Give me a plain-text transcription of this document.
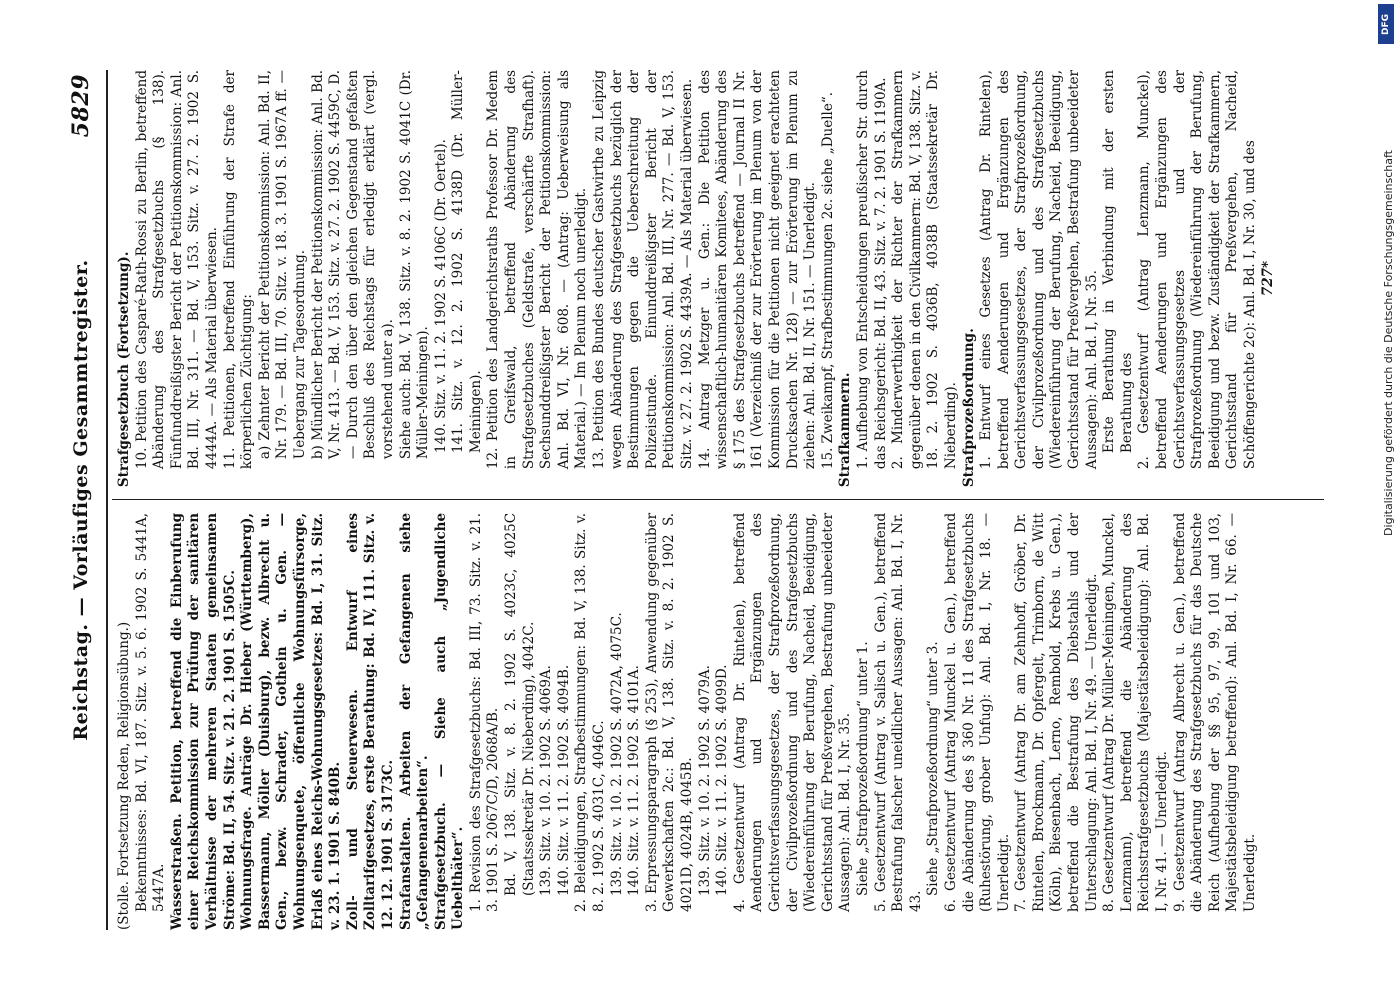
Reichstag. — Vorläufiges Gesammtregister.
5829

(Stolle. Fortsetzung Reden, Religionsübung.) Bekenntnisses: Bd. VI, 187. Sitz. v. 5. 6. 1902 S. 5441A, 5447A. Wasserstraßen. Petition, betreffend die Einberufung einer Reichskommission zur Prüfung der sanitären Verhältnisse der mehreren Staaten gemeinsamen Ströme: Bd. II, 54. Sitz. v. 21. 2. 1901 S. 1505C. Wohnungsfrage. Anträge Dr. Hieber (Württemberg), Bassermann, Möller (Duisburg), bezw. Albrecht u. Gen., bezw. Schrader, Gothein u. Gen. — Wohnungsenquete, öffentliche Wohnungsfürsorge, Erlaß eines Reichs-Wohnungsgesetzes: Bd. I, 31. Sitz. v. 23. 1. 1901 S. 840B. Zoll- und Steuerwesen. Entwurf eines Zolltarifgesetzes, erste Berathung: Bd. IV, 111. Sitz. v. 12. 12. 1901 S. 3173C. Strafanstalten. Arbeiten der Gefangenen siehe „Gefangenenarbeiten“. Strafgesetzbuch. — Siehe auch „Jugendliche Uebelthäter“. 1. Revision des Strafgesetzbuchs: Bd. III, 73. Sitz. v. 21. 3. 1901 S. 2067C/D, 2068A/B. Bd. V, 138. Sitz. v. 8. 2. 1902 S. 4023C, 4025C (Staatssekretär Dr. Nieberding), 4042C. 139. Sitz. v. 10. 2. 1902 S. 4069A. 140. Sitz. v. 11. 2. 1902 S. 4094B. 2. Beleidigungen, Strafbestimmungen: Bd. V, 138. Sitz. v. 8. 2. 1902 S. 4031C, 4046C. 139. Sitz. v. 10. 2. 1902 S. 4072A, 4075C. 140. Sitz. v. 11. 2. 1902 S. 4101A. 3. Erpressungsparagraph (§ 253), Anwendung gegenüber Gewerkschaften 2c.: Bd. V, 138. Sitz. v. 8. 2. 1902 S. 4021D, 4024B, 4045B. 139. Sitz. v. 10. 2. 1902 S. 4079A. 140. Sitz. v. 11. 2. 1902 S. 4099D. 4. Gesetzentwurf (Antrag Dr. Rintelen), betreffend Aenderungen und Ergänzungen des Gerichtsverfassungsgesetzes, der Strafprozeßordnung, der Civilprozeßordnung und des Strafgesetzbuchs (Wiedereinführung der Berufung, Nacheid, Beeidigung, Gerichtsstand für Preßvergehen, Bestrafung unbeeideter Aussagen): Anl. Bd. I, Nr. 35. Siehe „Strafprozeßordnung“ unter 1. 5. Gesetzentwurf (Antrag v. Salisch u. Gen.), betreffend Bestrafung falscher uneidlicher Aussagen: Anl. Bd. I, Nr. 43.

Siehe „Strafprozeßordnung“ unter 3. 6. Gesetzentwurf (Antrag Munckel u. Gen.), betreffend die Abänderung des § 360 Nr. 11 des Strafgesetzbuchs (Ruhestörung, grober Unfug): Anl. Bd. I, Nr. 18. — Unerledigt. 7. Gesetzentwurf (Antrag Dr. am Zehnhoff, Gröber, Dr. Rintelen, Brockmann, Dr. Opfergelt, Trimborn, de Witt (Köln), Biesenbach, Lerno, Rembold, Krebs u. Gen.), betreffend die Bestrafung des Diebstahls und der Unterschlagung: Anl. Bd. I, Nr. 49. — Unerledigt. 8. Gesetzentwurf (Antrag Dr. Müller-Meiningen, Munckel, Lenzmann), betreffend die Abänderung des Reichsstrafgesetzbuchs (Majestätsbeleidigung): Anl. Bd. I, Nr. 41. — Unerledigt. 9. Gesetzentwurf (Antrag Albrecht u. Gen.), betreffend die Abänderung des Strafgesetzbuchs für das Deutsche Reich (Aufhebung der §§ 95, 97, 99, 101 und 103, Majestätsbeleidigung betreffend): Anl. Bd. I, Nr. 66. — Unerledigt.

Strafgesetzbuch (Fortsetzung). 10. Petition des Casparé-Rath-Rossi zu Berlin, betreffend Abänderung des Strafgesetzbuchs (§ 138). Fünfunddreißigster Bericht der Petitionskommission: Anl. Bd. III, Nr. 311. — Bd. V, 153. Sitz. v. 27. 2. 1902 S. 4444A. — Als Material überwiesen. 11. Petitionen, betreffend Einführung der Strafe der körperlichen Züchtigung: a) Zehnter Bericht der Petitionskommission: Anl. Bd. II, Nr. 179. — Bd. III, 70. Sitz. v. 18. 3. 1901 S. 1967A ff. — Uebergang zur Tagesordnung. b) Mündlicher Bericht der Petitionskommission: Anl. Bd. V, Nr. 413. — Bd. V, 153. Sitz. v. 27. 2. 1902 S. 4459C, D. — Durch den über den gleichen Gegenstand gefaßten Beschluß des Reichstags für erledigt erklärt (vergl. vorstehend unter a). Siehe auch: Bd. V, 138. Sitz. v. 8. 2. 1902 S. 4041C (Dr. Müller-Meiningen). 140. Sitz. v. 11. 2. 1902 S. 4106C (Dr. Oertel). 141. Sitz. v. 12. 2. 1902 S. 4138D (Dr. Müller-Meiningen). 12. Petition des Landgerichtsraths Professor Dr. Medem in Greifswald, betreffend Abänderung des Strafgesetzbuches (Geldstrafe, verschärfte Strafhaft). Sechsunddreißigster Bericht der Petitionskommission: Anl. Bd. VI, Nr. 608. — (Antrag: Ueberweisung als Material.) — Im Plenum noch unerledigt. 13. Petition des Bundes deutscher Gastwirthe zu Leipzig wegen Abänderung des Strafgesetzbuchs bezüglich der Bestimmungen gegen die Ueberschreitung der Polizeistunde. Einunddreißigster Bericht der Petitionskommission: Anl. Bd. III, Nr. 277. — Bd. V, 153. Sitz. v. 27. 2. 1902 S. 4439A. — Als Material überwiesen. 14. Antrag Metzger u. Gen.: Die Petition des wissenschaftlich-humanitären Komitees, Abänderung des § 175 des Strafgesetzbuchs betreffend — Journal II Nr. 161 (Verzeichniß der zur Erörterung im Plenum von der Kommission für die Petitionen nicht geeignet erachteten Drucksachen Nr. 128) — zur Erörterung im Plenum zu ziehen: Anl. Bd. II, Nr. 151. — Unerledigt. 15. Zweikampf, Strafbestimmungen 2c. siehe „Duelle“. Strafkammern. 1. Aufhebung von Entscheidungen preußischer Str. durch das Reichsgericht: Bd. II, 43. Sitz. v. 7. 2. 1901 S. 1190A. 2. Minderwerthigkeit der Richter der Strafkammern gegenüber denen in den Civilkammern: Bd. V, 138. Sitz. v. 18. 2. 1902 S. 4036B, 4038B (Staatssekretär Dr. Nieberding). Strafprozeßordnung. 1. Entwurf eines Gesetzes (Antrag Dr. Rintelen), betreffend Aenderungen und Ergänzungen des Gerichtsverfassungsgesetzes, der Strafprozeßordnung, der Civilprozeßordnung und des Strafgesetzbuchs (Wiedereinführung der Berufung, Nacheid, Beeidigung, Gerichtsstand für Preßvergehen, Bestrafung unbeeideter Aussagen): Anl. Bd. I, Nr. 35. Erste Berathung in Verbindung mit der ersten Berathung des 2. Gesetzentwurf (Antrag Lenzmann, Munckel), betreffend Aenderungen und Ergänzungen des Gerichtsverfassungsgesetzes und der Strafprozeßordnung (Wiedereinführung der Berufung, Beeidigung und bezw. Zuständigkeit der Strafkammern, Gerichtsstand für Preßvergehen, Nacheid, Schöffengerichte 2c): Anl. Bd. I, Nr. 30, und des 727*

DFG
Digitalisierung gefördert durch die Deutsche Forschungsgemeinschaft
